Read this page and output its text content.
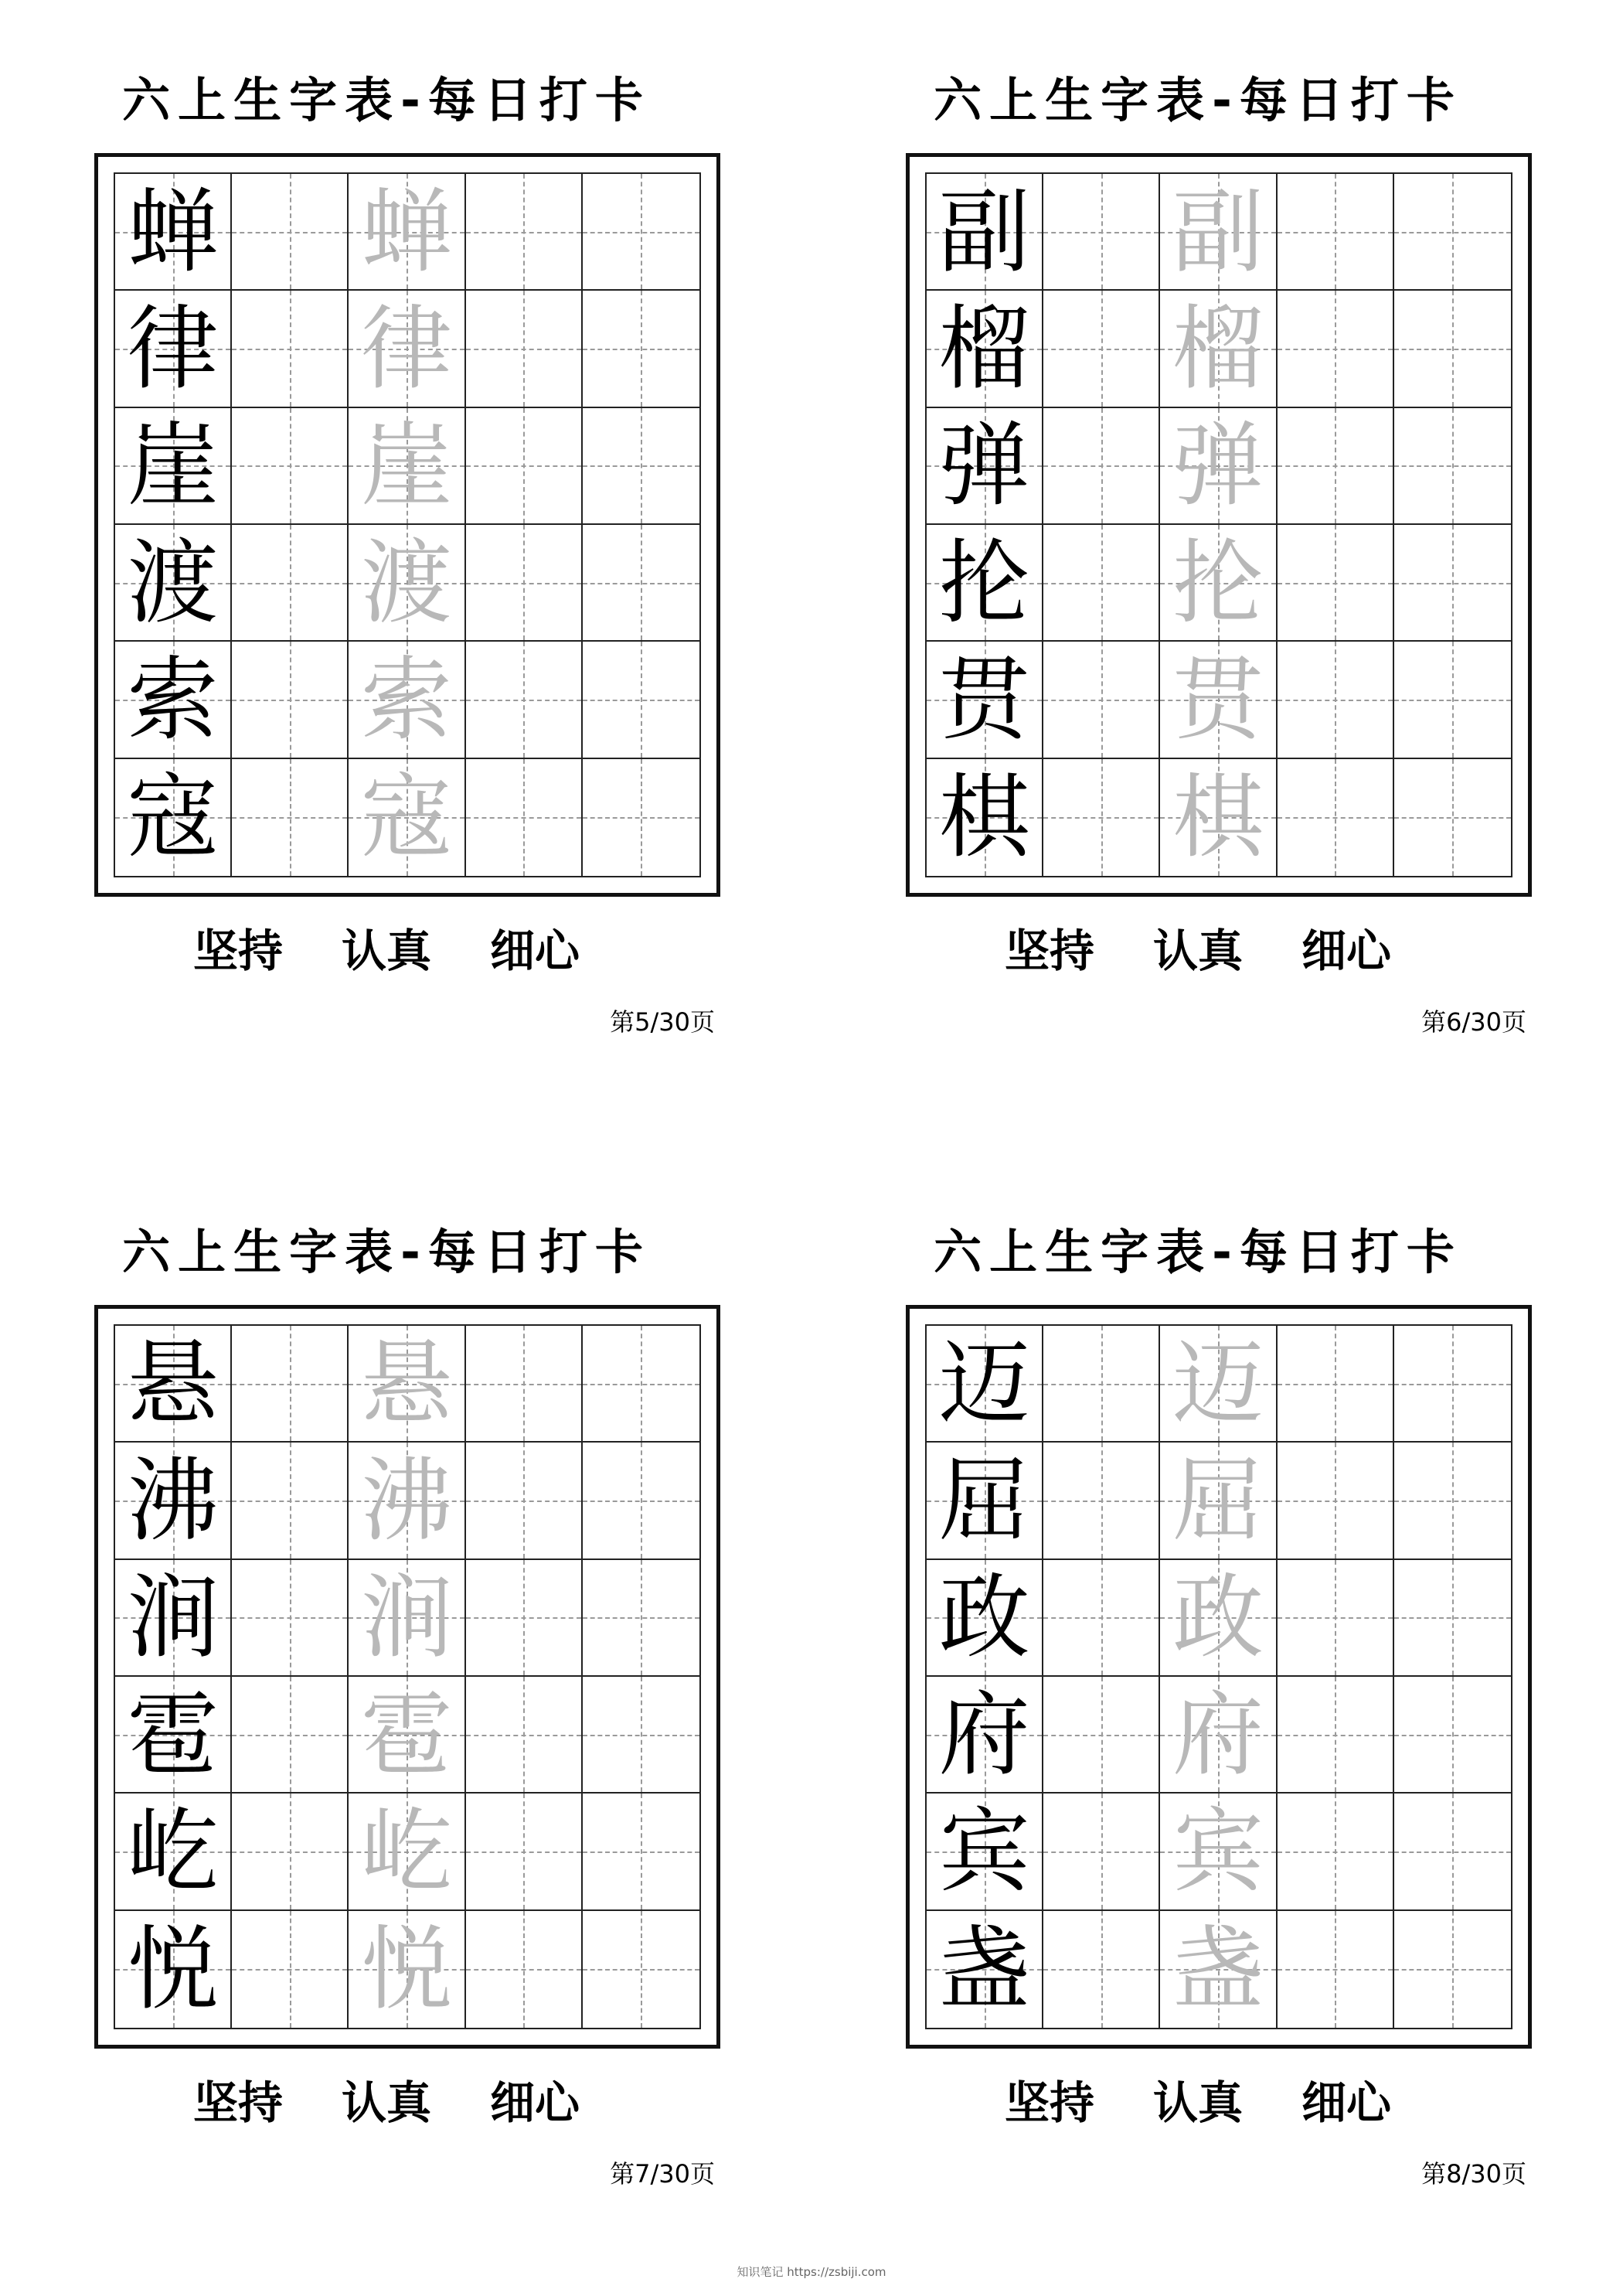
六上生字表-每日打卡
蝉 蝉
律 律
崖 崖
渡 渡
索 索
寇 寇
坚持 认真 细心
第5/30页
六上生字表-每日打卡
副 副
榴 榴
弹 弹
抡 抡
贯 贯
棋 棋
坚持 认真 细心
第6/30页
六上生字表-每日打卡
悬 悬
沸 沸
涧 涧
雹 雹
屹 屹
悦 悦
坚持 认真 细心
第7/30页
六上生字表-每日打卡
迈 迈
屈 屈
政 政
府 府
宾 宾
盏 盏
坚持 认真 细心
第8/30页
知识笔记 https://zsbiji.com
